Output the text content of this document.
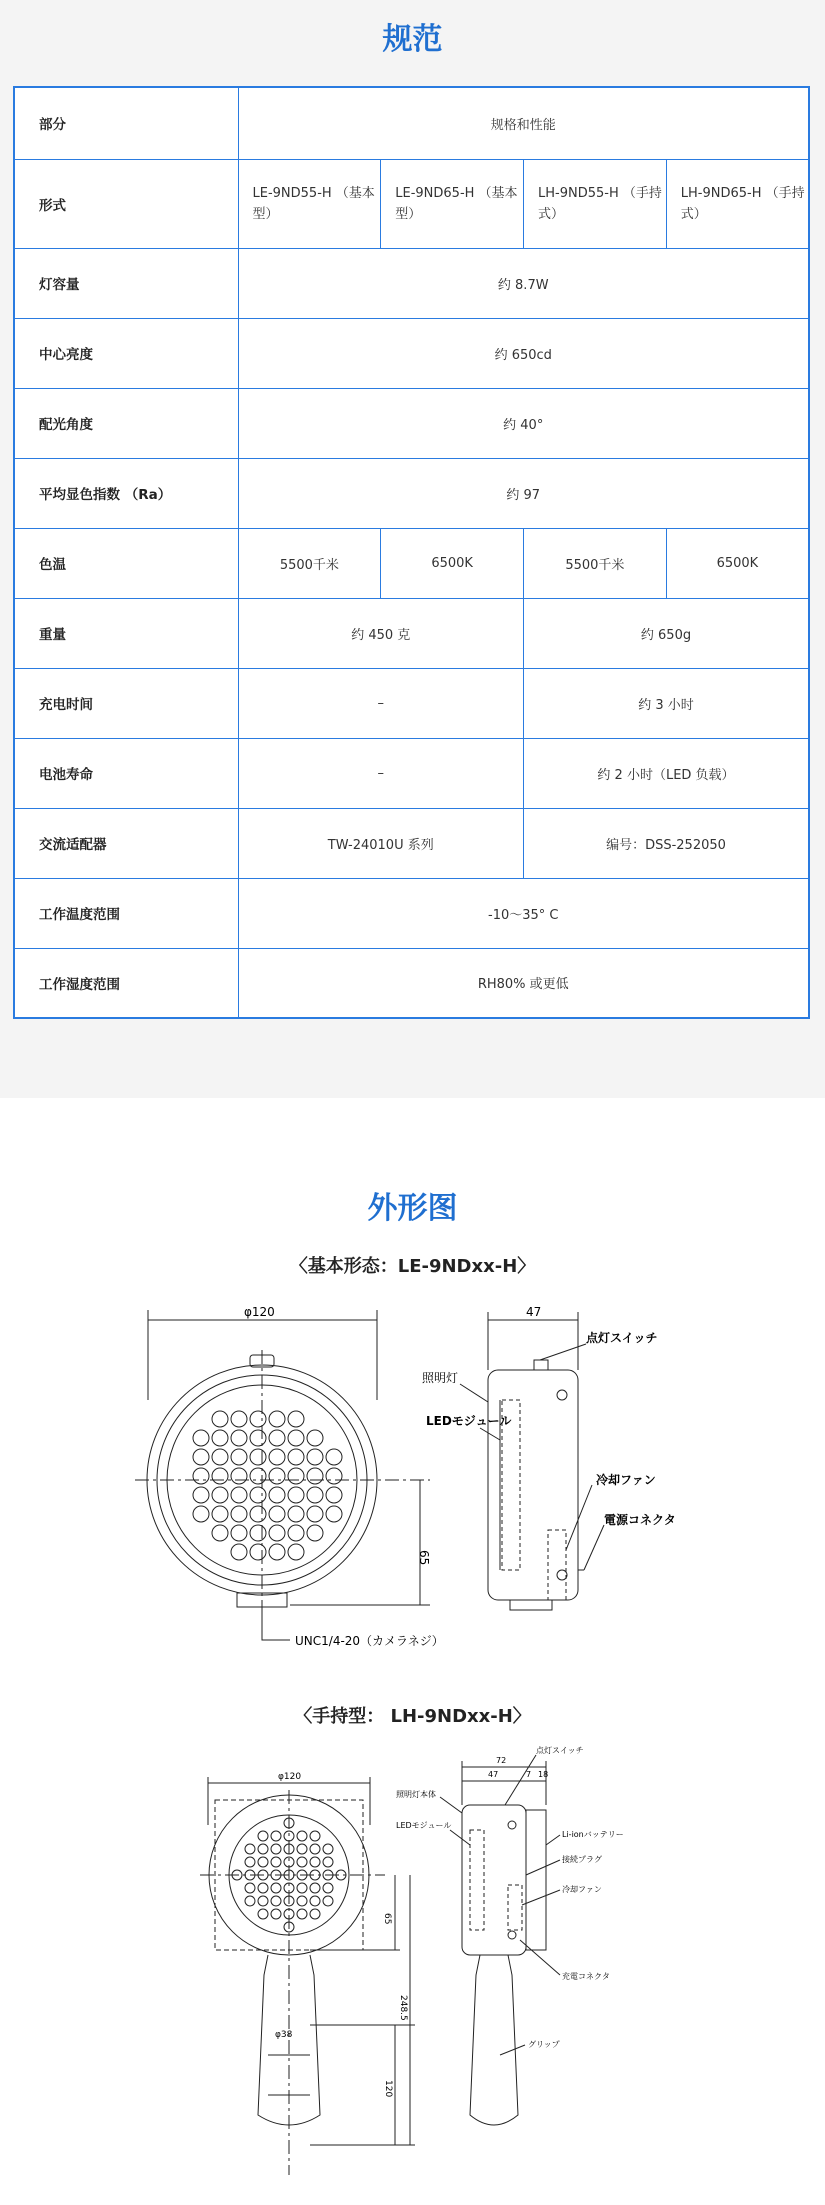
规范
部分	规格和性能			
形式	LE-9ND55-H （基本型）	LE-9ND65-H （基本型）	LH-9ND55-H （手持式）	LH-9ND65-H （手持式）
灯容量	约 8.7W			
中心亮度	约 650cd			
配光角度	约 40°			
平均显色指数 （Ra）	约 97			
色温	5500千米	6500K	5500千米	6500K
重量	约 450 克		约 650g	
充电时间	–		约 3 小时	
电池寿命	–		约 2 小时（LED 负载）	
交流适配器	TW-24010U 系列		编号：DSS-252050	
工作温度范围	-10～35° C			
工作湿度范围	RH80% 或更低			
外形图
〈基本形态：LE-9NDxx-H〉
〈手持型： LH-9NDxx-H〉
φ120
65
UNC1/4-20（カメラネジ）
47
点灯スイッチ
照明灯
LEDモジュール
冷却ファン
電源コネクタ
φ120
φ38
65
248.5
120
72
47	7 18
点灯スイッチ
照明灯本体
LEDモジュール
Li-ionバッテリー
接続プラグ
冷却ファン
充電コネクタ
グリップ
